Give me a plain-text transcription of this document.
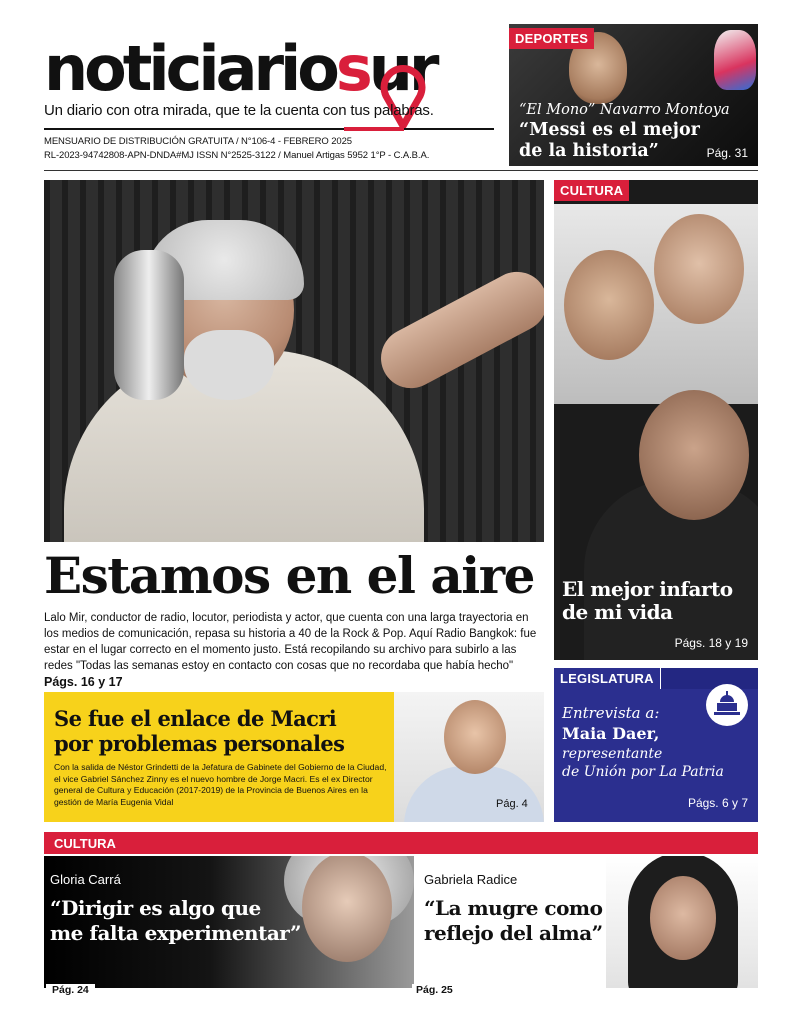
noticiariosur
Un diario con otra mirada, que te la cuenta con tus palabras.
MENSUARIO DE DISTRIBUCIÓN GRATUITA / N°106-4 - FEBRERO 2025
RL-2023-94742808-APN-DNDA#MJ ISSN N°2525-3122 / Manuel Artigas 5952 1°P - C.A.B.A.
DEPORTES
“El Mono” Navarro Montoya
“Messi es el mejor
de la historia”	Pág. 31
Estamos en el aire
Lalo Mir, conductor de radio, locutor, periodista y actor, que cuenta con una larga trayectoria en los medios de comunicación, repasa su historia a 40 de la Rock & Pop. Aquí Radio Bangkok: fue estar en el lugar correcto en el momento justo. Está recopilando su archivo para subirlo a las redes "Todas las semanas estoy en contacto con cosas que no recordaba que había hecho" Págs. 16 y 17
CULTURA
El mejor infarto
de mi vida
Págs. 18 y 19
Se fue el enlace de Macri
por problemas personales
Con la salida de Néstor Grindetti de la Jefatura de Gabinete del Gobierno de la Ciudad, el vice Gabriel Sánchez Zinny es el nuevo hombre de Jorge Macri. Es el ex Director general de Cultura y Educación (2017-2019) de la Provincia de Buenos Aires en la gestión de María Eugenia Vidal	Pág. 4
LEGISLATURA
Entrevista a:
Maia Daer,
representante
de Unión por La Patria
Págs. 6 y 7
CULTURA
Gloria Carrá
“Dirigir es algo que
me falta experimentar”
Gabriela Radice
“La mugre como
reflejo del alma”
Pág. 24	Pág. 25
